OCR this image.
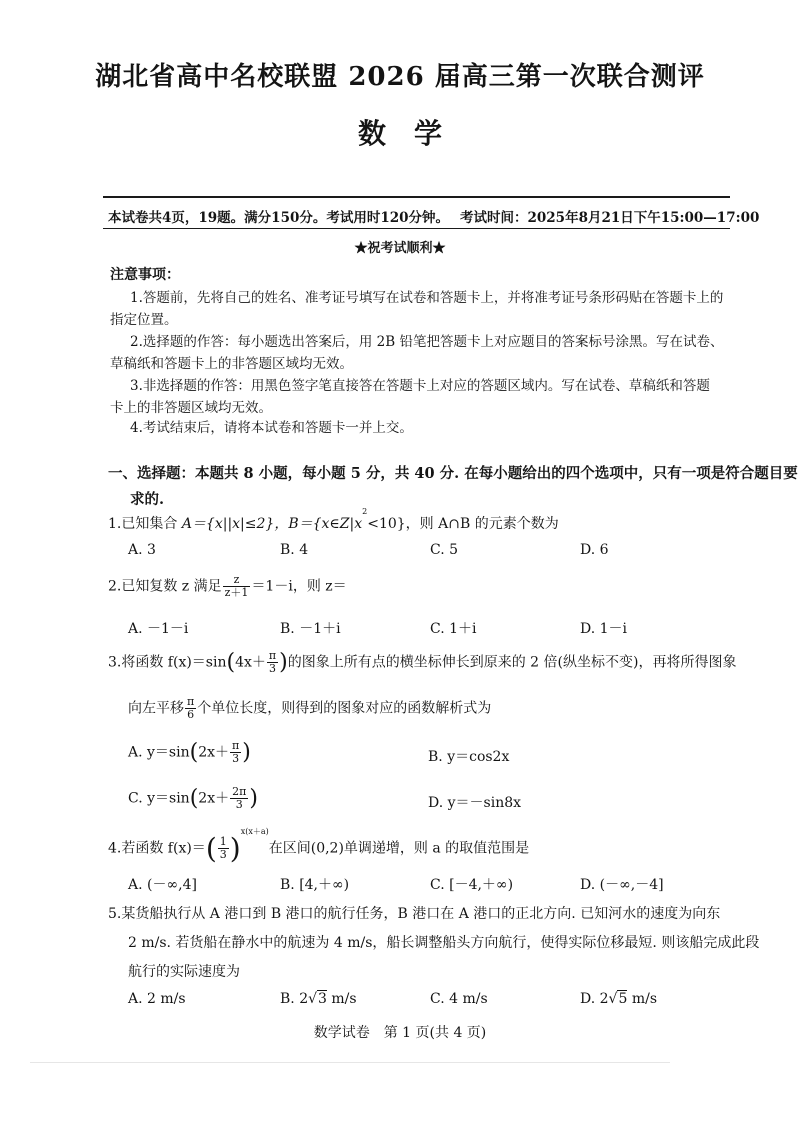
湖北省高中名校联盟 2026 届高三第一次联合测评
数学
本试卷共4页，19题。满分150分。考试用时120分钟。 考试时间：2025年8月21日下午15:00—17:00
★祝考试顺利★
注意事项：
1.答题前，先将自己的姓名、准考证号填写在试卷和答题卡上，并将准考证号条形码贴在答题卡上的
指定位置。
2.选择题的作答：每小题选出答案后，用 2B 铅笔把答题卡上对应题目的答案标号涂黑。写在试卷、
草稿纸和答题卡上的非答题区域均无效。
3.非选择题的作答：用黑色签字笔直接答在答题卡上对应的答题区域内。写在试卷、草稿纸和答题
卡上的非答题区域均无效。
4.考试结束后，请将本试卷和答题卡一并上交。
一、选择题：本题共 8 小题，每小题 5 分，共 40 分. 在每小题给出的四个选项中，只有一项是符合题目要
求的.
1.已知集合 A＝{x||x|≤2}，$B=\{x\in Z|x^2<10\}$，则 A∩B 的元素个数为
A. 3	B. 4	C. 5	D. 6
2.已知复数 z 满足 $\frac{z}{z+1} =1-i$，则 z＝
A. －1－i	B. －1＋i	C. 1＋i	D. 1－i
3.将函数 $f(x)=\sin(4x+ \frac{\pi}{3}$ )的图象上所有点的横坐标伸长到原来的 2 倍(纵坐标不变)，再将所得图象
向左平移 $\frac{\pi}{6}$ 个单位长度，则得到的图象对应的函数解析式为
A. $y=\sin(2x+ \frac{\pi}{3}$ )	B. y＝cos2x
C. $y=\sin(2x+ \frac{2\pi}{3}$ )	D. y＝－sin8x
4.若函数 $f(x)=( \frac{1}{3} )^{x(x+a)}$在区间(0,2)单调递增，则 a 的取值范围是
A. (－∞,4]	B. [4,＋∞)	C. [－4,＋∞)	D. (－∞,－4]
5.某货船执行从 A 港口到 B 港口的航行任务，B 港口在 A 港口的正北方向. 已知河水的速度为向东
2 m/s. 若货船在静水中的航速为 4 m/s，船长调整船头方向航行，使得实际位移最短. 则该船完成此段
航行的实际速度为
A. 2 m/s	B. 2√3 m/s	C. 4 m/s	D. 2√5 m/s
数学试卷　第 1 页(共 4 页)
